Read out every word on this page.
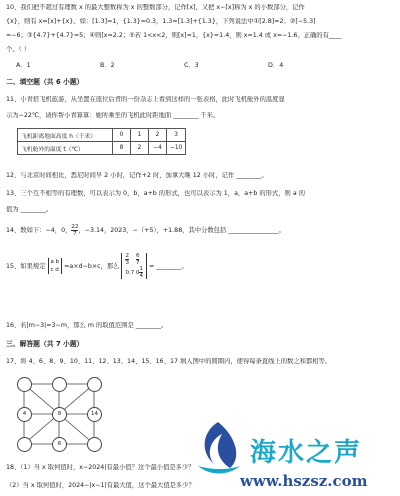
10、我们把不超过有理数 x 的最大整数称为 x 的整数部分，记作[x]，又把 x−[x]称为 x 的小数部分，记作
{x}，则有 x=[x]+{x}。如：[1.3]=1，{1.3}=0.3，1.3=[1.3]+{1.3}，下列说法中①[2.8]=2；②[−5.3]
=−6；③{4.7}+{4.7}=5；④则[x=2.2；⑤若 1<x<2，则[x]=1，{x}=1.4，则 x=1.4 或 x=−1.6。正确的有____
个。（ ）
A．1	B．2	C．3	D．4
二、填空题（共 6 小题）
11、小青搭飞机旅游，从坐置在座位后背的一份杂志上看到这样的一张表格，此时飞机舱外的温度显
示为−22℃，请你帮小青算算：她所乘坐的飞机此时距地面 ________ 千米。
飞机距离地面高度 h（千米）	0	1	2	3
飞机舱外的温度 t（℃）	8	2	−4	−10
12、与北京时间相比，悉尼时间早 2 小时，记作+2 时，加拿大晚 12 小时，记作 ________。
13、三个互不相等的有理数，可以表示为 0，b，a+b 的形式，也可以表示为 1，a，a+b 的形式，则 a 的
值为 ________。
14、数如下：−4，0， $\frac{22}{7}$，−3.14，2023，−（+5），+1.88，其中分数包括 ________________。
15、如果规定 a b
c d =a×d−b×c，那么
$\frac{2}{3} \frac{6}{7}$
0.7 $0 \frac{1}{4}$ = ________。
16、若|m−3|=3−m，那么 m 的取值范围是 ________。
三、解答题（共 7 小题）
17、将 4、6、8、9、10、11、12、13、14、15、16、17 填入图中的圆圈内，使得每条直线上的数之和都相等。
4	8	14
6
18、（1）当 x 取何值时，x−2024|有最小值？这个最小值是多少？
（2）当 x 取何值时，2024−|x−1|有最大值，这个最大值是多少？
海水之声
www.hszsz.com
